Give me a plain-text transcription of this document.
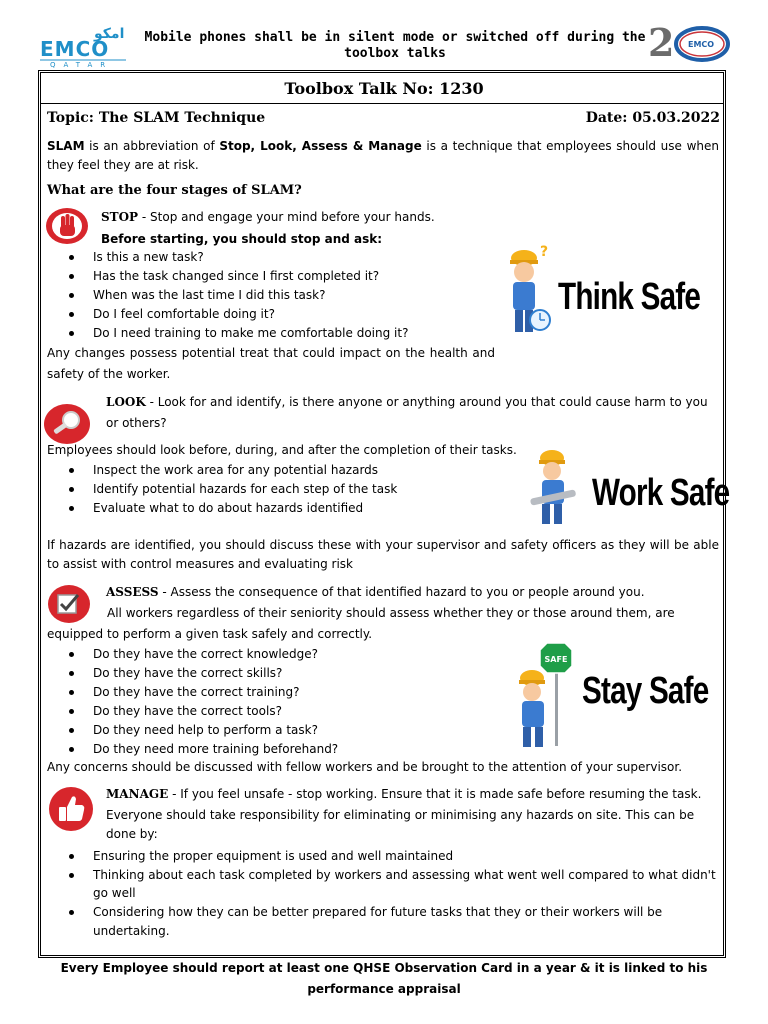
امكو
EMCO
QATAR	2 EMCO
Mobile phones shall be in silent mode or switched off during the toolbox talks
Toolbox Talk No: 1230
Topic: The SLAM Technique	Date: 05.03.2022
SLAM is an abbreviation of Stop, Look, Assess & Manage is a technique that employees should use when they feel they are at risk.
What are the four stages of SLAM?
STOP - Stop and engage your mind before your hands.
Before starting, you should stop and ask:
Is this a new task?
Has the task changed since I first completed it?
When was the last time I did this task?
Do I feel comfortable doing it?
Do I need training to make me comfortable doing it?
Any changes possess potential treat that could impact on the health and safety of the worker.
?
Think Safe
LOOK - Look for and identify, is there anyone or anything around you that could cause harm to you or others?
Employees should look before, during, and after the completion of their tasks.
Inspect the work area for any potential hazards
Identify potential hazards for each step of the task
Evaluate what to do about hazards identified
If hazards are identified, you should discuss these with your supervisor and safety officers as they will be able to assist with control measures and evaluating risk
Work Safe
ASSESS - Assess the consequence of that identified hazard to you or people around you.
All workers regardless of their seniority should assess whether they or those around them, are equipped to perform a given task safely and correctly.
Do they have the correct knowledge?
Do they have the correct skills?
Do they have the correct training?
Do they have the correct tools?
Do they need help to perform a task?
Do they need more training beforehand?
Any concerns should be discussed with fellow workers and be brought to the attention of your supervisor.
SAFE
Stay Safe
MANAGE - If you feel unsafe - stop working. Ensure that it is made safe before resuming the task.
Everyone should take responsibility for eliminating or minimising any hazards on site. This can be done by:
Ensuring the proper equipment is used and well maintained
Thinking about each task completed by workers and assessing what went well compared to what didn't go well
Considering how they can be better prepared for future tasks that they or their workers will be undertaking.
Every Employee should report at least one QHSE Observation Card in a year & it is linked to his
performance appraisal
